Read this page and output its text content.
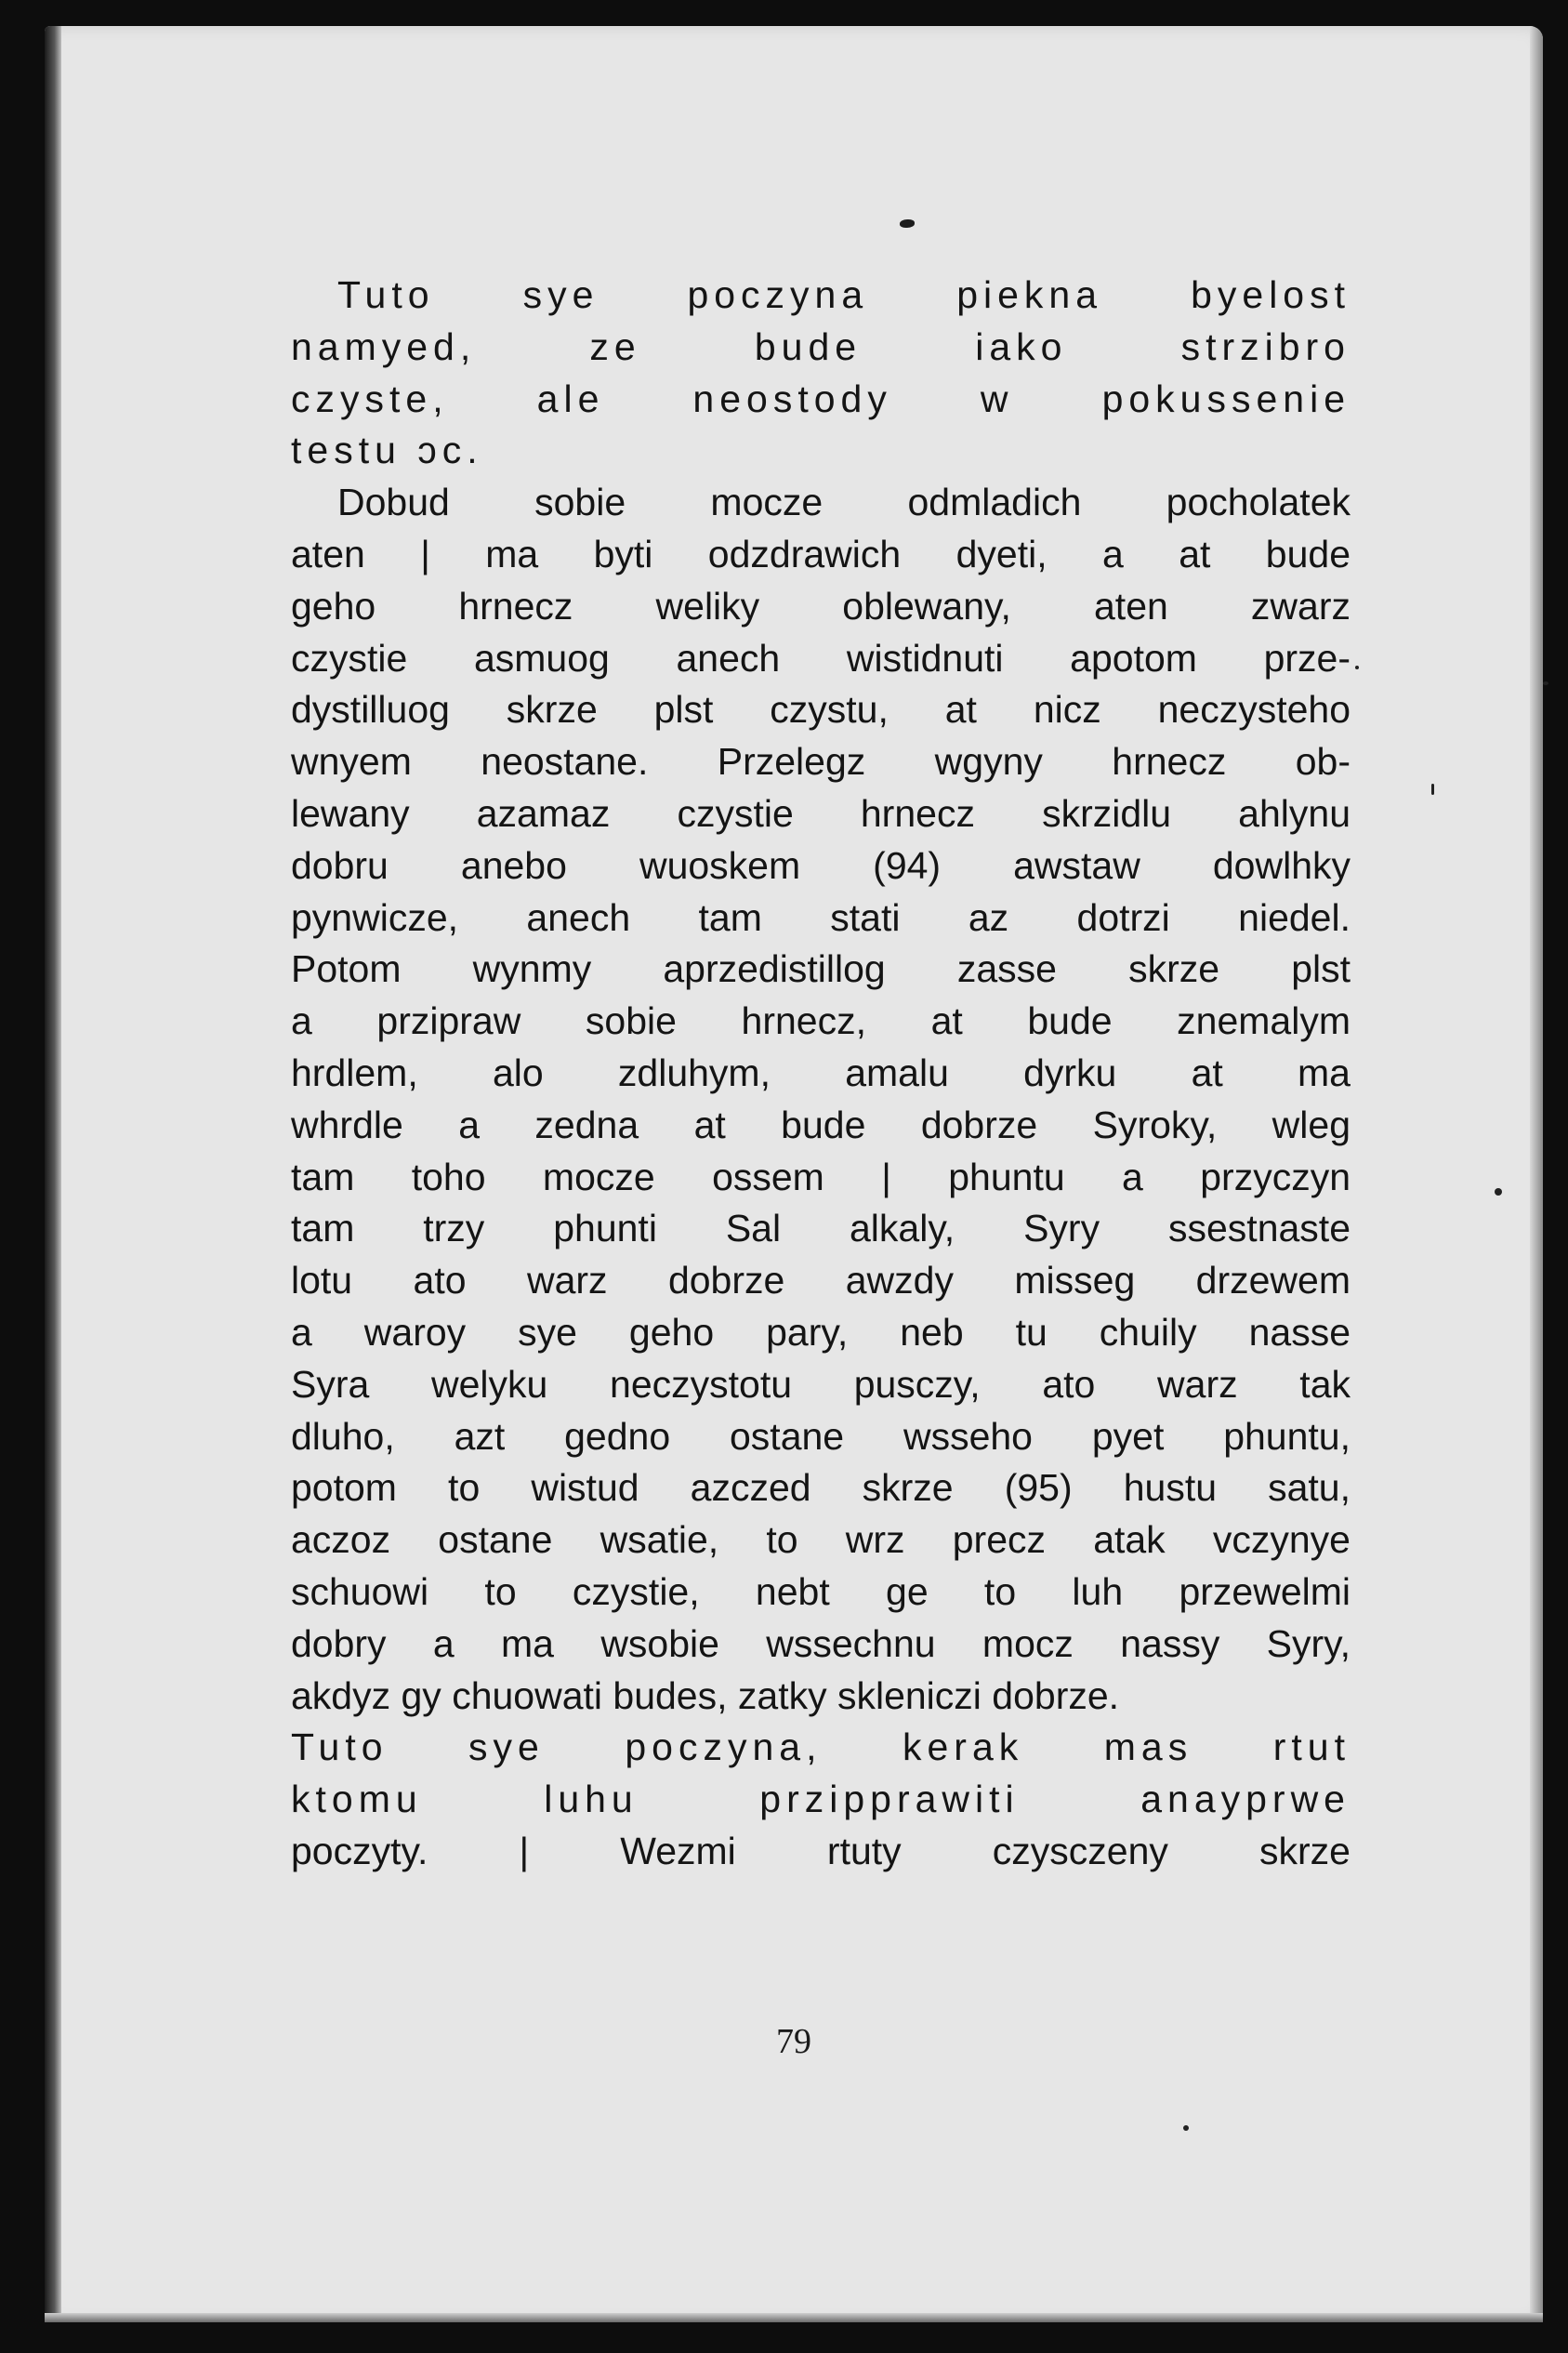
Tuto sye poczyna piekna byelost
namyed, ze bude iako strzibro
czyste, ale neostody w pokussenie
testu ɔc.
Dobud sobie mocze odmladich pocholatek
aten | ma byti odzdrawich dyeti, a at bude
geho hrnecz weliky oblewany, aten zwarz
czystie asmuog anech wistidnuti apotom prze-
dystilluog skrze plst czystu, at nicz neczysteho
wnyem neostane. Przelegz wgyny hrnecz ob-
lewany azamaz czystie hrnecz skrzidlu ahlynu
dobru anebo wuoskem (94) awstaw dowlhky
pynwicze, anech tam stati az dotrzi niedel.
Potom wynmy aprzedistillog zasse skrze plst
a przipraw sobie hrnecz, at bude znemalym
hrdlem, alo zdluhym, amalu dyrku at ma
whrdle a zedna at bude dobrze Syroky, wleg
tam toho mocze ossem | phuntu a przyczyn
tam trzy phunti Sal alkaly, Syry ssestnaste
lotu ato warz dobrze awzdy misseg drzewem
a waroy sye geho pary, neb tu chuily nasse
Syra welyku neczystotu pusczy, ato warz tak
dluho, azt gedno ostane wsseho pyet phuntu,
potom to wistud azczed skrze (95) hustu satu,
aczoz ostane wsatie, to wrz precz atak vczynye
schuowi to czystie, nebt ge to luh przewelmi
dobry a ma wsobie wssechnu mocz nassy Syry,
akdyz gy chuowati budes, zatky skleniczi dobrze.
Tuto sye poczyna, kerak mas rtut
ktomu luhu przipprawiti anayprwe
poczyty. | Wezmi rtuty czysczeny skrze
79
